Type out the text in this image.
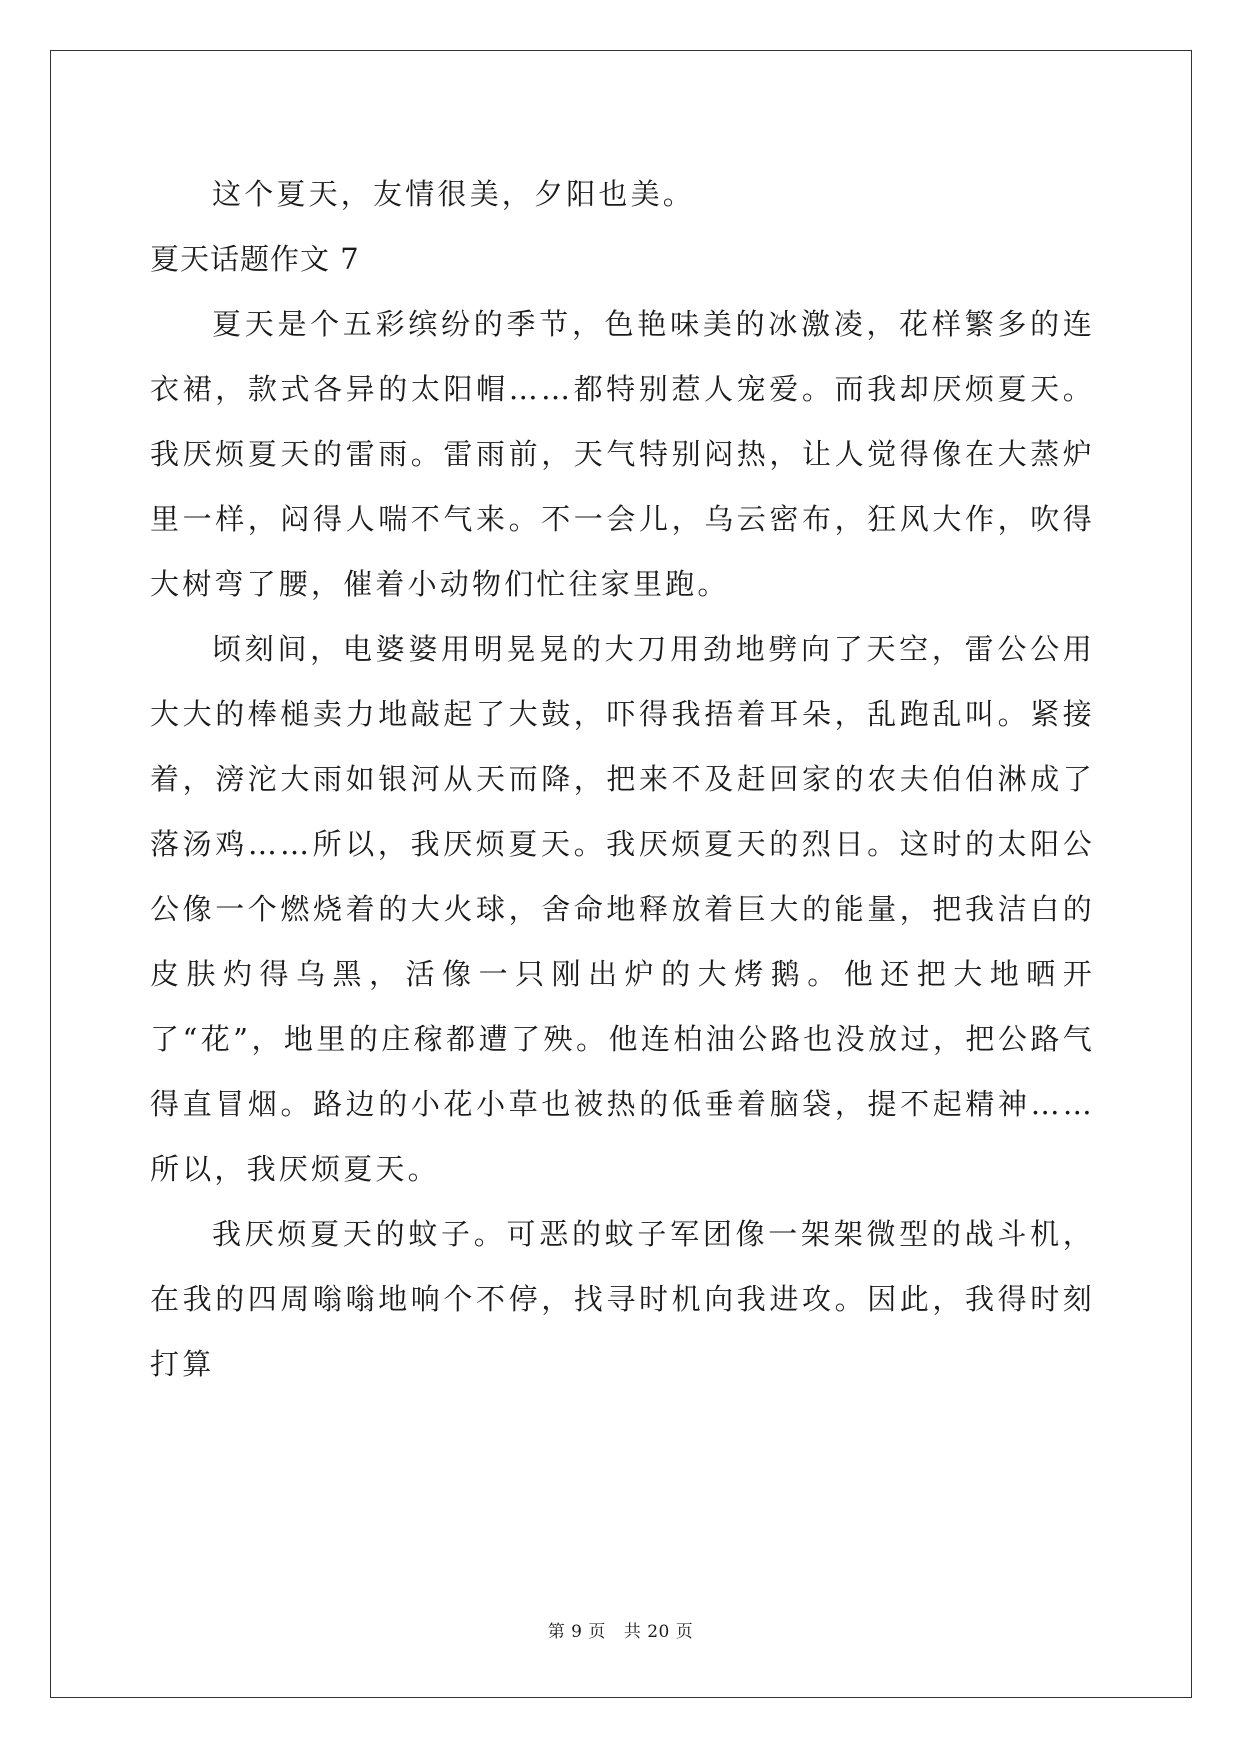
这个夏天，友情很美，夕阳也美。

夏天话题作文 7

夏天是个五彩缤纷的季节，色艳味美的冰激凌，花样繁多的连衣裙，款式各异的太阳帽……都特别惹人宠爱。而我却厌烦夏天。我厌烦夏天的雷雨。雷雨前，天气特别闷热，让人觉得像在大蒸炉里一样，闷得人喘不气来。不一会儿，乌云密布，狂风大作，吹得大树弯了腰，催着小动物们忙往家里跑。

顷刻间，电婆婆用明晃晃的大刀用劲地劈向了天空，雷公公用大大的棒槌卖力地敲起了大鼓，吓得我捂着耳朵，乱跑乱叫。紧接着，滂沱大雨如银河从天而降，把来不及赶回家的农夫伯伯淋成了落汤鸡……所以，我厌烦夏天。我厌烦夏天的烈日。这时的太阳公公像一个燃烧着的大火球，舍命地释放着巨大的能量，把我洁白的皮肤灼得乌黑，活像一只刚出炉的大烤鹅。他还把大地晒开了“花”，地里的庄稼都遭了殃。他连柏油公路也没放过，把公路气得直冒烟。路边的小花小草也被热的低垂着脑袋，提不起精神……所以，我厌烦夏天。

我厌烦夏天的蚊子。可恶的蚊子军团像一架架微型的战斗机，在我的四周嗡嗡地响个不停，找寻时机向我进攻。因此，我得时刻打算

第 9 页 共 20 页
